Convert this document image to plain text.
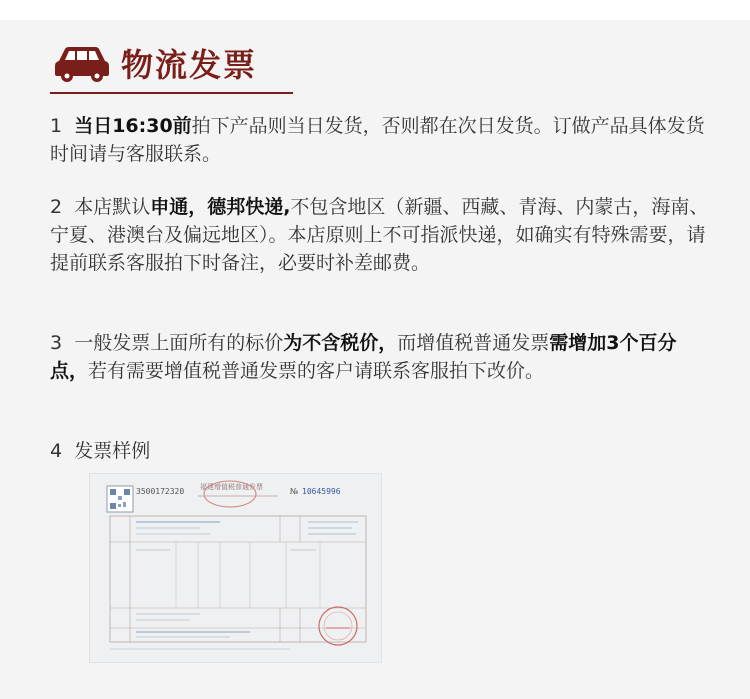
物流发票

1 当日16:30前拍下产品则当日发货，否则都在次日发货。订做产品具体发货时间请与客服联系。

2 本店默认申通，德邦快递,不包含地区（新疆、西藏、青海、内蒙古，海南、宁夏、港澳台及偏远地区）。本店原则上不可指派快递，如确实有特殊需要，请提前联系客服拍下时备注，必要时补差邮费。

3 一般发票上面所有的标价为不含税价，而增值税普通发票需增加3个百分点，若有需要增值税普通发票的客户请联系客服拍下改价。

4 发票样例

3500172320 福建增值税普通发票	№ 10645996
